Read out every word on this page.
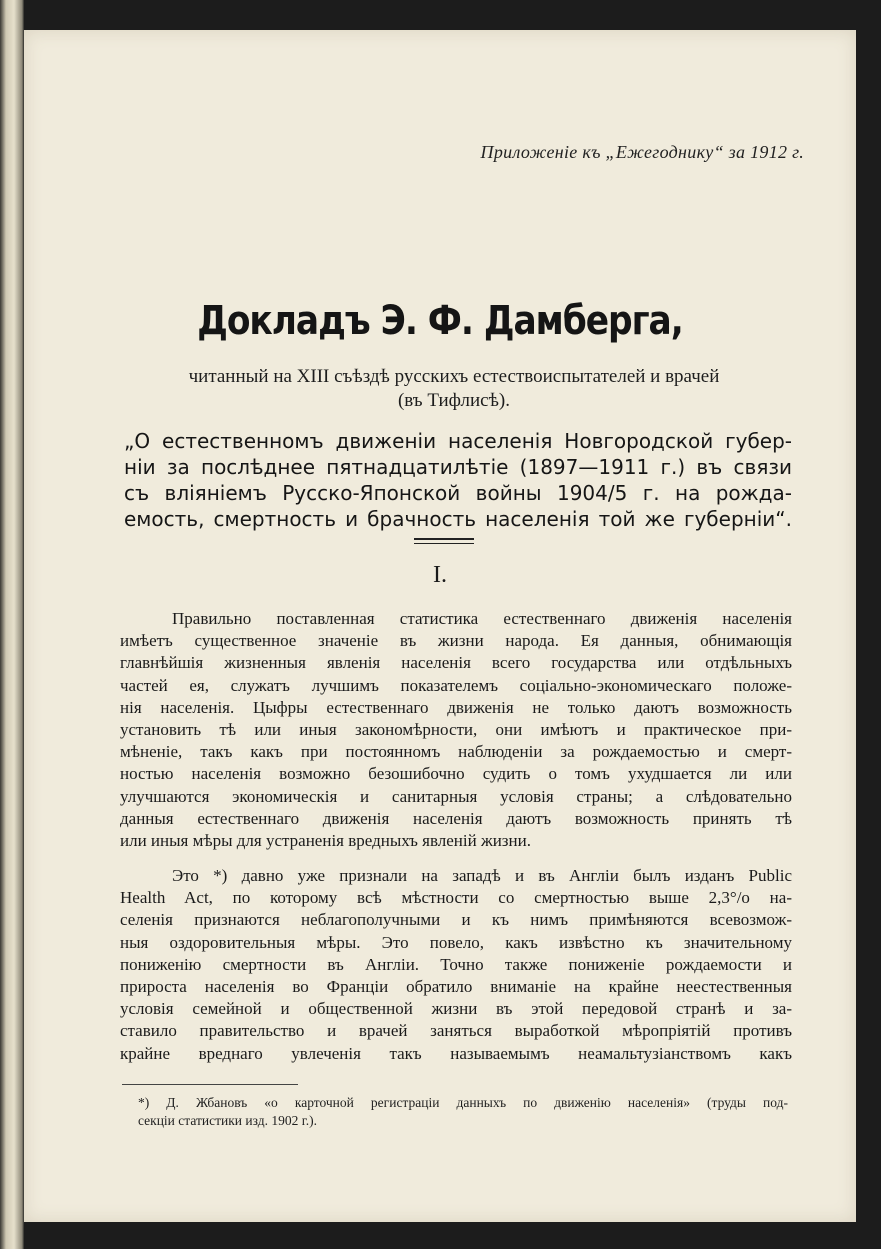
Приложенiе къ „Ежегоднику“ за 1912 г.
Докладъ Э. Ф. Дамберга,
читанный на XIII съѣздѣ русскихъ естествоиспытателей и врачей
(въ Тифлисѣ).
„О естественномъ движенiи населенiя Новгородской губер-
нiи за послѣднее пятнадцатилѣтiе (1897—1911 г.) въ связи
съ вліяніемъ Русско-Японской войны 1904/5 г. на рожда-
емость, смертность и брачность населенiя той же губернiи“.
I.
Правильно поставленная статистика естественнаго движенiя населенiя
имѣетъ существенное значенiе въ жизни народа. Ея данныя, обнимающiя
главнѣйшiя жизненныя явленiя населенiя всего государства или отдѣльныхъ
частей ея, служатъ лучшимъ показателемъ соцiально-экономическаго положе-
нiя населенiя. Цыфры естественнаго движенiя не только даютъ возможность
установить тѣ или иныя закономѣрности, они имѣютъ и практическое при-
мѣненiе, такъ какъ при постоянномъ наблюденiи за рождаемостью и смерт-
ностью населенiя возможно безошибочно судить о томъ ухудшается ли или
улучшаются экономическiя и санитарныя условiя страны; а слѣдовательно
данныя еcтественнаго движенiя населенiя даютъ возможность принять тѣ
или иныя мѣры для устраненiя вредныхъ явленiй жизни.
Это *) давно уже признали на западѣ и въ Англiи былъ изданъ Public
Health Act, по которому всѣ мѣстности со смертностью выше 2,3°/о на-
селенiя признаются неблагополучными и къ нимъ примѣняются всевозмож-
ныя оздоровительныя мѣры. Это повело, какъ извѣстно къ значительному
пониженiю смертности въ Англiи. Точно также пониженiе рождаемости и
прироста населенiя во Францiи обратило вниманiе на крайне неестественныя
условiя семейной и общественной жизни въ этой передовой странѣ и за-
ставило правительство и врачей заняться выработкой мѣропрiятiй противъ
крайне вреднаго увлеченiя такъ называемымъ неамальтузiанствомъ какъ
*) Д. Жбановъ «о карточной регистрацiи данныхъ по движенiю населенiя» (труды под-
секцiи статистики изд. 1902 г.).
